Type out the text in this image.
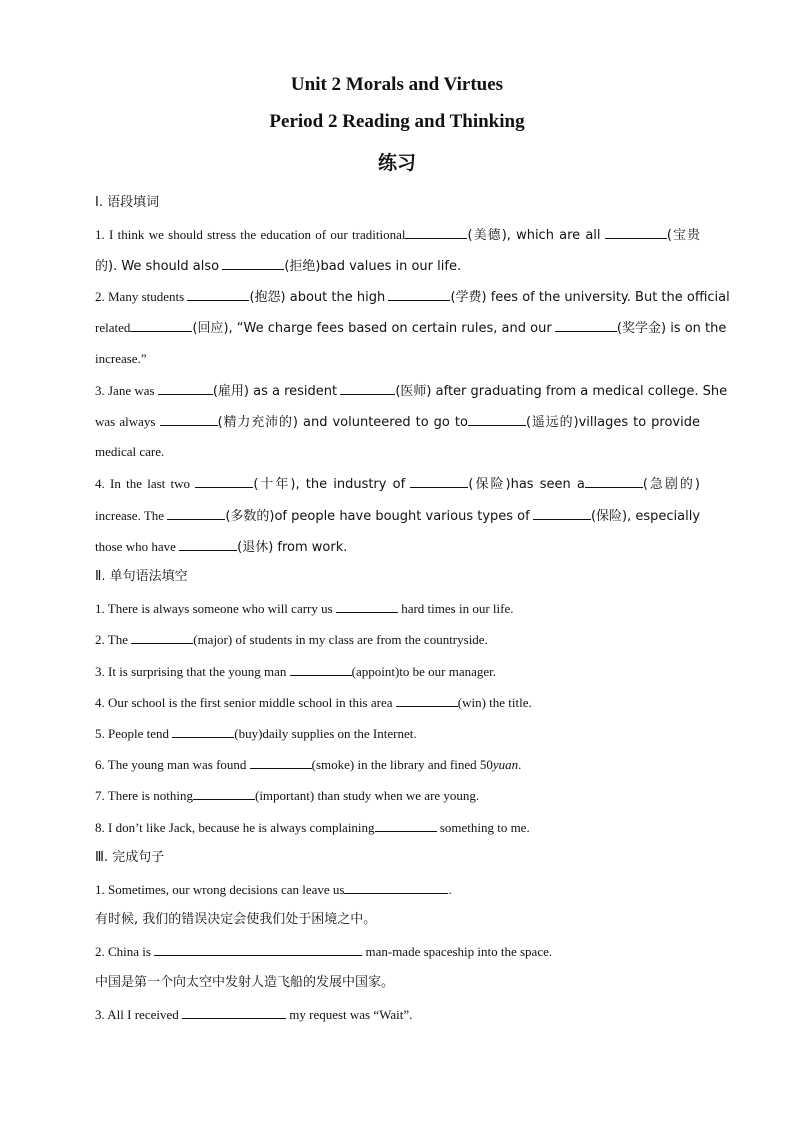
Unit 2 Morals and Virtues
Period 2 Reading and Thinking
练习
Ⅰ. 语段填词
1. I think we should stress the education of our traditional	(美德), which are all	(宝贵
的). We should also	(拒绝)bad values in our life.
2. Many students	(抱怨) about the high	(学费) fees of the university. But the official
related	(回应), “We charge fees based on certain rules, and our	(奖学金) is on the
increase.”
3. Jane was	(雇用) as a resident	(医师) after graduating from a medical college. She
was always	(精力充沛的) and volunteered to go to	(遥远的)villages to provide
medical care.
4. In the last two	(十年), the industry of	(保险)has seen a	(急剧的)
increase. The	(多数的)of people have bought various types of	(保险), especially
those who have	(退休) from work.
Ⅱ. 单句语法填空
1. There is always someone who will carry us	hard times in our life.
2. The	(major) of students in my class are from the countryside.
3. It is surprising that the young man	(appoint)to be our manager.
4. Our school is the first senior middle school in this area	(win) the title.
5. People tend	(buy)daily supplies on the Internet.
6. The young man was found	(smoke) in the library and fined 50yuan.
7. There is nothing	(important) than study when we are young.
8. I don’t like Jack, because he is always complaining	something to me.
Ⅲ. 完成句子
1. Sometimes, our wrong decisions can leave us	.
有时候, 我们的错误决定会使我们处于困境之中。
2. China is	man-made spaceship into the space.
中国是第一个向太空中发射人造飞船的发展中国家。
3. All I received	my request was “Wait”.
